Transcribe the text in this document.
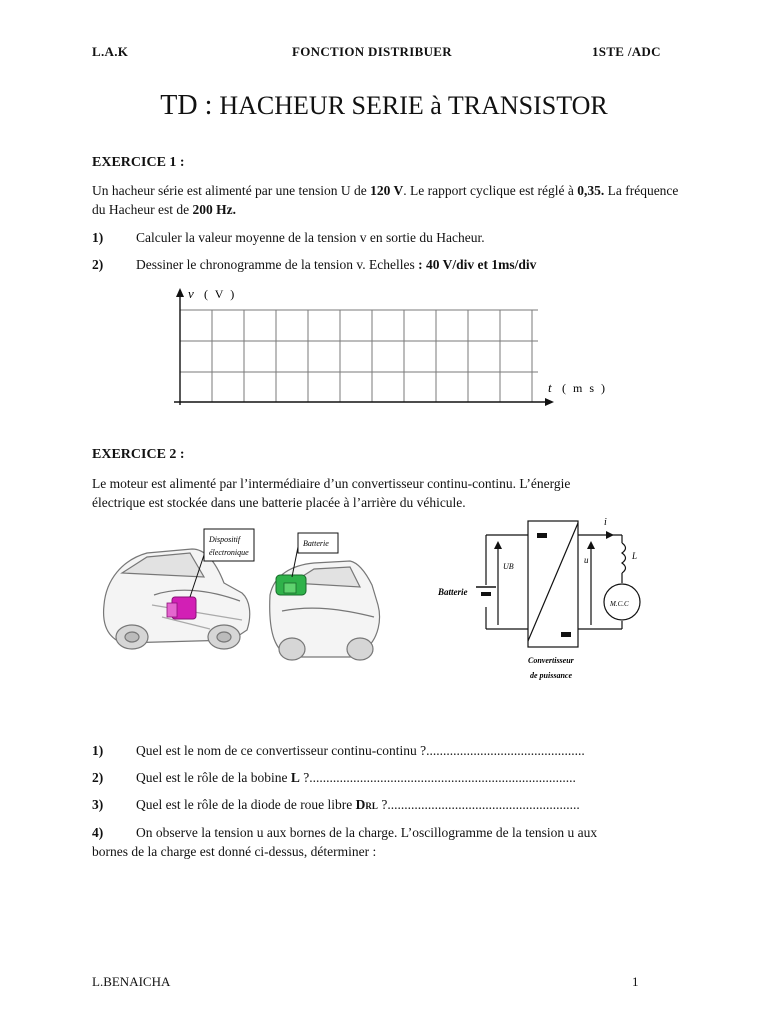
L.A.K	FONCTION DISTRIBUER	1STE /ADC
TD : HACHEUR SERIE à TRANSISTOR
EXERCICE 1 :
Un hacheur série est alimenté par une tension U de 120 V. Le rapport cyclique est réglé à 0,35. La fréquence du Hacheur est de 200 Hz.
1) Calculer la valeur moyenne de la tension v en sortie du Hacheur.
2) Dessiner le chronogramme de la tension v. Echelles : 40 V/div et 1ms/div
v ( V )
t ( m s )
EXERCICE 2 :
Le moteur est alimenté par l’intermédiaire d’un convertisseur continu-continu. L’énergie
électrique est stockée dans une batterie placée à l’arrière du véhicule.
Dispositif
électronique
Batterie
Batterie
UB
u
i
L
M.C.C
Convertisseur
de puissance
1) Quel est le nom de ce convertisseur continu-continu ?...............................................
2) Quel est le rôle de la bobine L ?...............................................................................
3) Quel est le rôle de la diode de roue libre DRL ?.........................................................
4) On observe la tension u aux bornes de la charge. L’oscillogramme de la tension u aux
bornes de la charge est donné ci-dessus, déterminer :
L.BENAICHA	1
